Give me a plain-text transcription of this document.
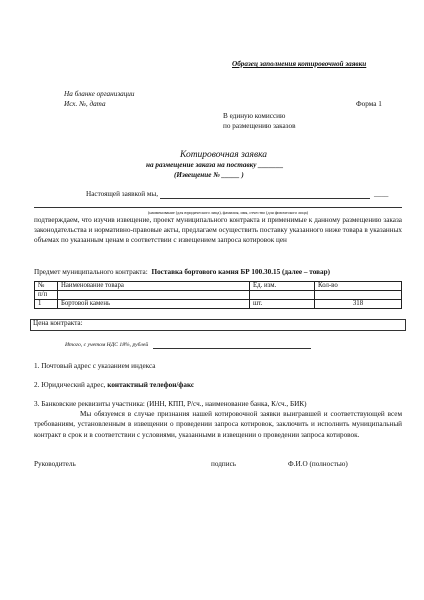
Образец заполнения котировочной заявки
На бланке организации
Исх. №, дата	Форма 1
В единую комиссию
по размещению заказов
Котировочная заявка
на размещение заказа на поставку _______
(Извещение № _____ )
Настоящей заявкой мы,	____
(наименование (для юридического лица), фамилия, имя, отчество (для физического лица)
подтверждаем, что изучив извещение, проект муниципального контракта и применимые к данному размещению заказа законодательства и нормативно-правовые акты, предлагаем осуществить поставку указанного ниже товара в указанных объемах по указанным ценам в соответствии с извещением запроса котировок цен
Предмет муниципального контракта: Поставка бортового камня БР 100.30.15 (далее – товар)
№	Наименование товара	Ед. изм.	Кол-во
п/п			
1	Бортовой камень	шт.	318
Цена контракта:
Итого, с учетом НДС 18%, рублей
1. Почтовый адрес с указанием индекса
2. Юридический адрес, контактный телефон/факс
3. Банковские реквизиты участника: (ИНН, КПП, Р/сч., наименование банка, К/сч., БИК)
Мы обязуемся в случае признания нашей котировочной заявки выигравшей и соответствующей всем требованиям, установленным в извещении о проведении запроса котировок, заключить и исполнить муниципальный контракт в срок и в соответствии с условиями, указанными в извещении о проведении запроса котировок.
Руководитель	подпись	Ф.И.О (полностью)
